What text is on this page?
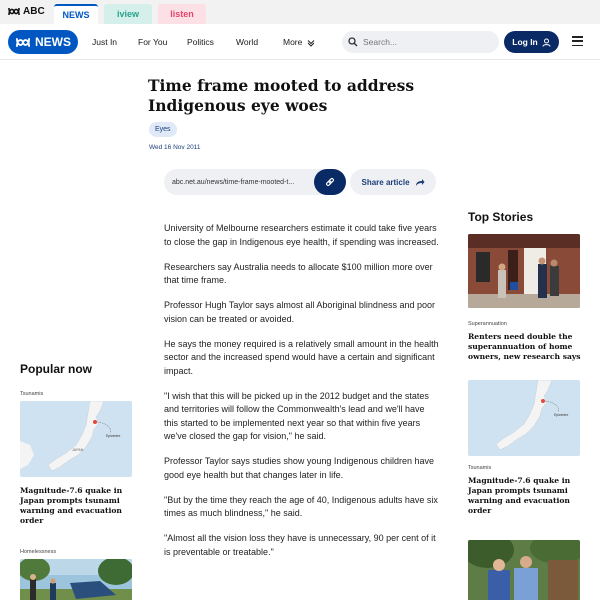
ABC	NEWS	iview	listen
NEWS Just In For You Politics	World	More
Search...	Log In
Time frame mooted to address Indigenous eye woes
Eyes
Wed 16 Nov 2011
abc.net.au/news/time-frame-mooted-t...	Share article

University of Melbourne researchers estimate it could take five years to close the gap in Indigenous eye health, if spending was increased.

Researchers say Australia needs to allocate $100 million more over that time frame.

Professor Hugh Taylor says almost all Aboriginal blindness and poor vision can be treated or avoided.

He says the money required is a relatively small amount in the health sector and the increased spend would have a certain and significant impact.

"I wish that this will be picked up in the 2012 budget and the states and territories will follow the Commonwealth's lead and we'll have this started to be implemented next year so that within five years we've closed the gap for vision," he said.

Professor Taylor says studies show young Indigenous children have good eye health but that changes later in life.

"But by the time they reach the age of 40, Indigenous adults have six times as much blindness," he said.

"Almost all the vision loss they have is unnecessary, 90 per cent of it is preventable or treatable."

Popular now
Tsunamis
Epicentre
JAPAN
Magnitude-7.6 quake in Japan prompts tsunami warning and evacuation order
Homelessness
Top Stories
Superannuation
Renters need double the superannuation of home owners, new research says
Epicentre
Tsunamis
Magnitude-7.6 quake in Japan prompts tsunami warning and evacuation order
